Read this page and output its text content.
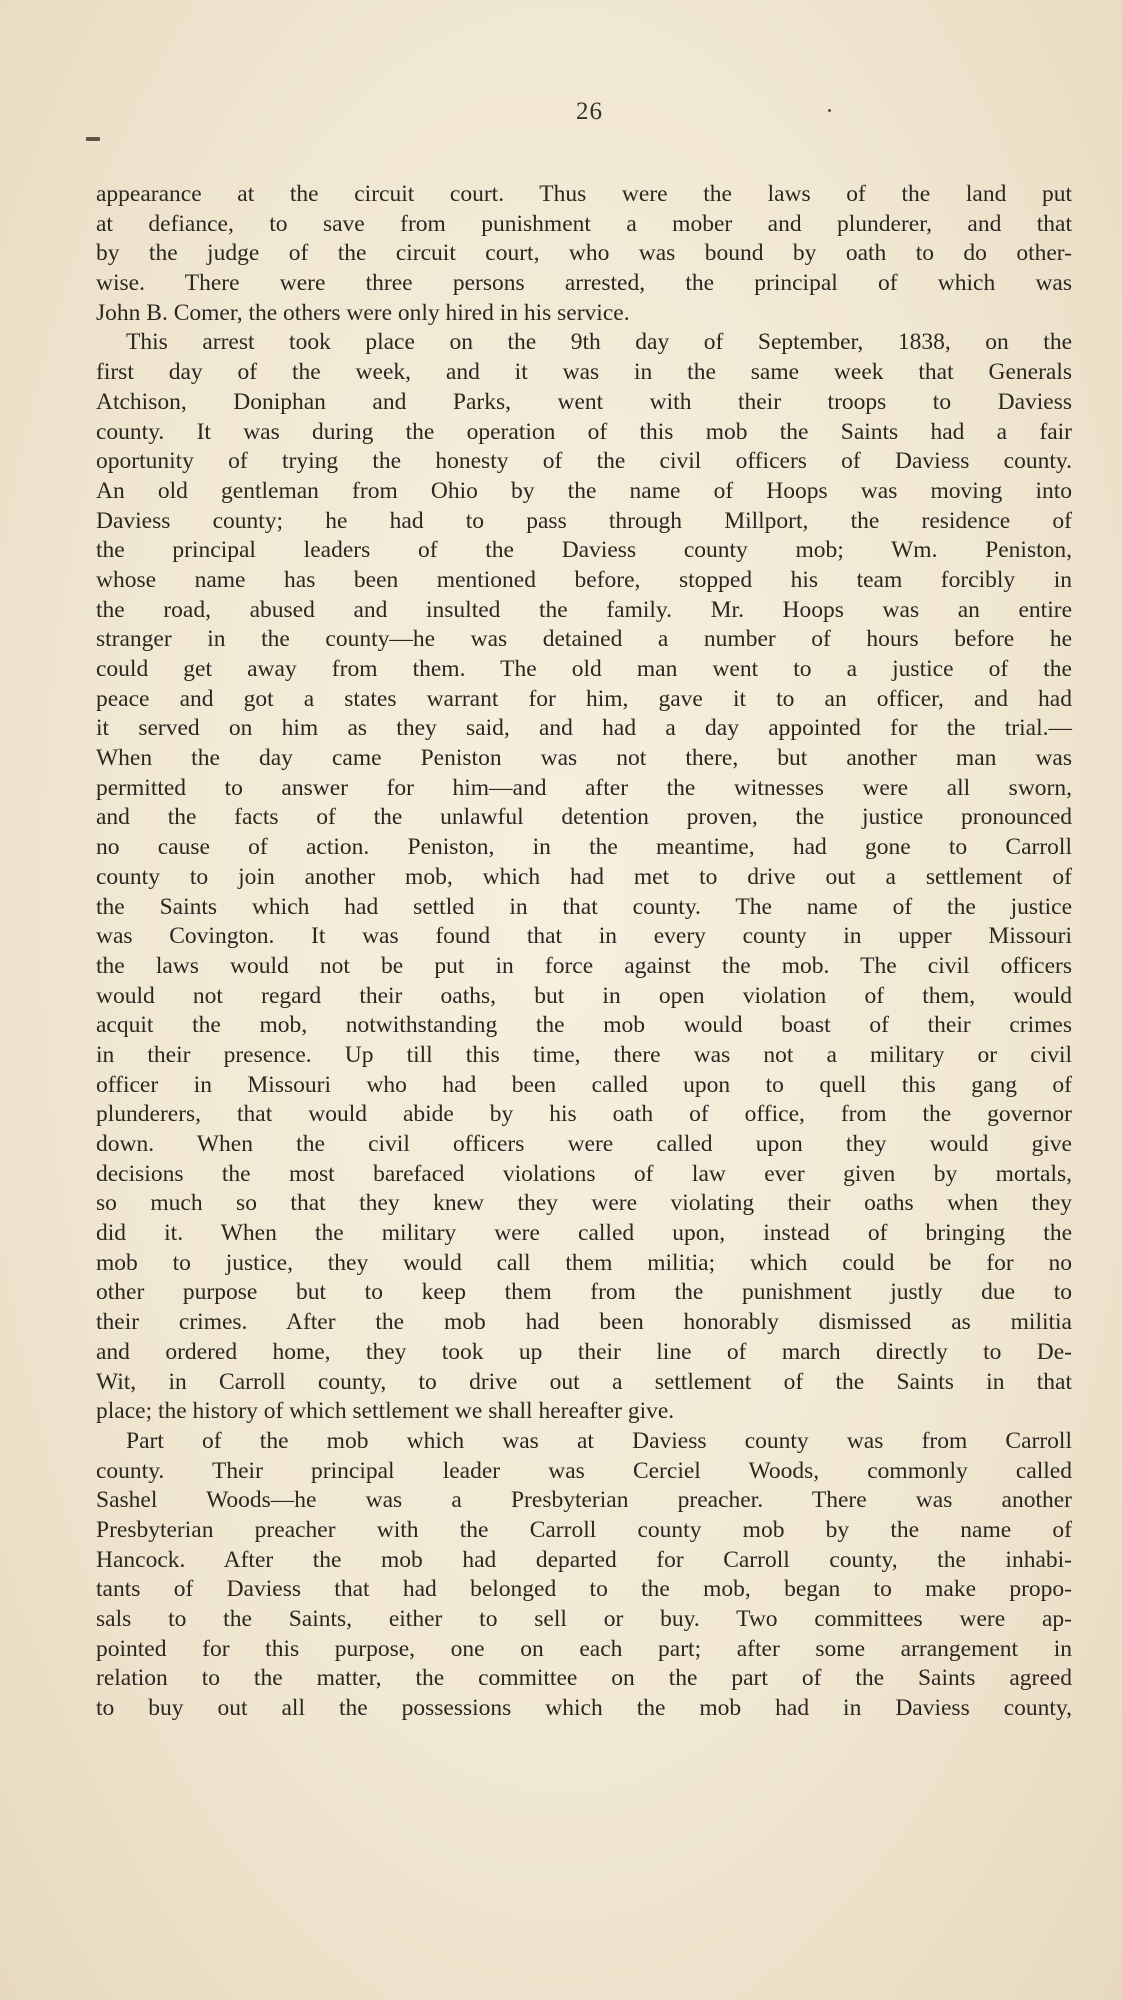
26
appearance at the circuit court. Thus were the laws of the land put
at defiance, to save from punishment a mober and plunderer, and that
by the judge of the circuit court, who was bound by oath to do other-
wise. There were three persons arrested, the principal of which was
John B. Comer, the others were only hired in his service.
This arrest took place on the 9th day of September, 1838, on the
first day of the week, and it was in the same week that Generals
Atchison, Doniphan and Parks, went with their troops to Daviess
county. It was during the operation of this mob the Saints had a fair
oportunity of trying the honesty of the civil officers of Daviess county.
An old gentleman from Ohio by the name of Hoops was moving into
Daviess county; he had to pass through Millport, the residence of
the principal leaders of the Daviess county mob; Wm. Peniston,
whose name has been mentioned before, stopped his team forcibly in
the road, abused and insulted the family. Mr. Hoops was an entire
stranger in the county—he was detained a number of hours before he
could get away from them. The old man went to a justice of the
peace and got a states warrant for him, gave it to an officer, and had
it served on him as they said, and had a day appointed for the trial.—
When the day came Peniston was not there, but another man was
permitted to answer for him—and after the witnesses were all sworn,
and the facts of the unlawful detention proven, the justice pronounced
no cause of action. Peniston, in the meantime, had gone to Carroll
county to join another mob, which had met to drive out a settlement of
the Saints which had settled in that county. The name of the justice
was Covington. It was found that in every county in upper Missouri
the laws would not be put in force against the mob. The civil officers
would not regard their oaths, but in open violation of them, would
acquit the mob, notwithstanding the mob would boast of their crimes
in their presence. Up till this time, there was not a military or civil
officer in Missouri who had been called upon to quell this gang of
plunderers, that would abide by his oath of office, from the governor
down. When the civil officers were called upon they would give
decisions the most barefaced violations of law ever given by mortals,
so much so that they knew they were violating their oaths when they
did it. When the military were called upon, instead of bringing the
mob to justice, they would call them militia; which could be for no
other purpose but to keep them from the punishment justly due to
their crimes. After the mob had been honorably dismissed as militia
and ordered home, they took up their line of march directly to De-
Wit, in Carroll county, to drive out a settlement of the Saints in that
place; the history of which settlement we shall hereafter give.
Part of the mob which was at Daviess county was from Carroll
county. Their principal leader was Cerciel Woods, commonly called
Sashel Woods—he was a Presbyterian preacher. There was another
Presbyterian preacher with the Carroll county mob by the name of
Hancock. After the mob had departed for Carroll county, the inhabi-
tants of Daviess that had belonged to the mob, began to make propo-
sals to the Saints, either to sell or buy. Two committees were ap-
pointed for this purpose, one on each part; after some arrangement in
relation to the matter, the committee on the part of the Saints agreed
to buy out all the possessions which the mob had in Daviess county,
